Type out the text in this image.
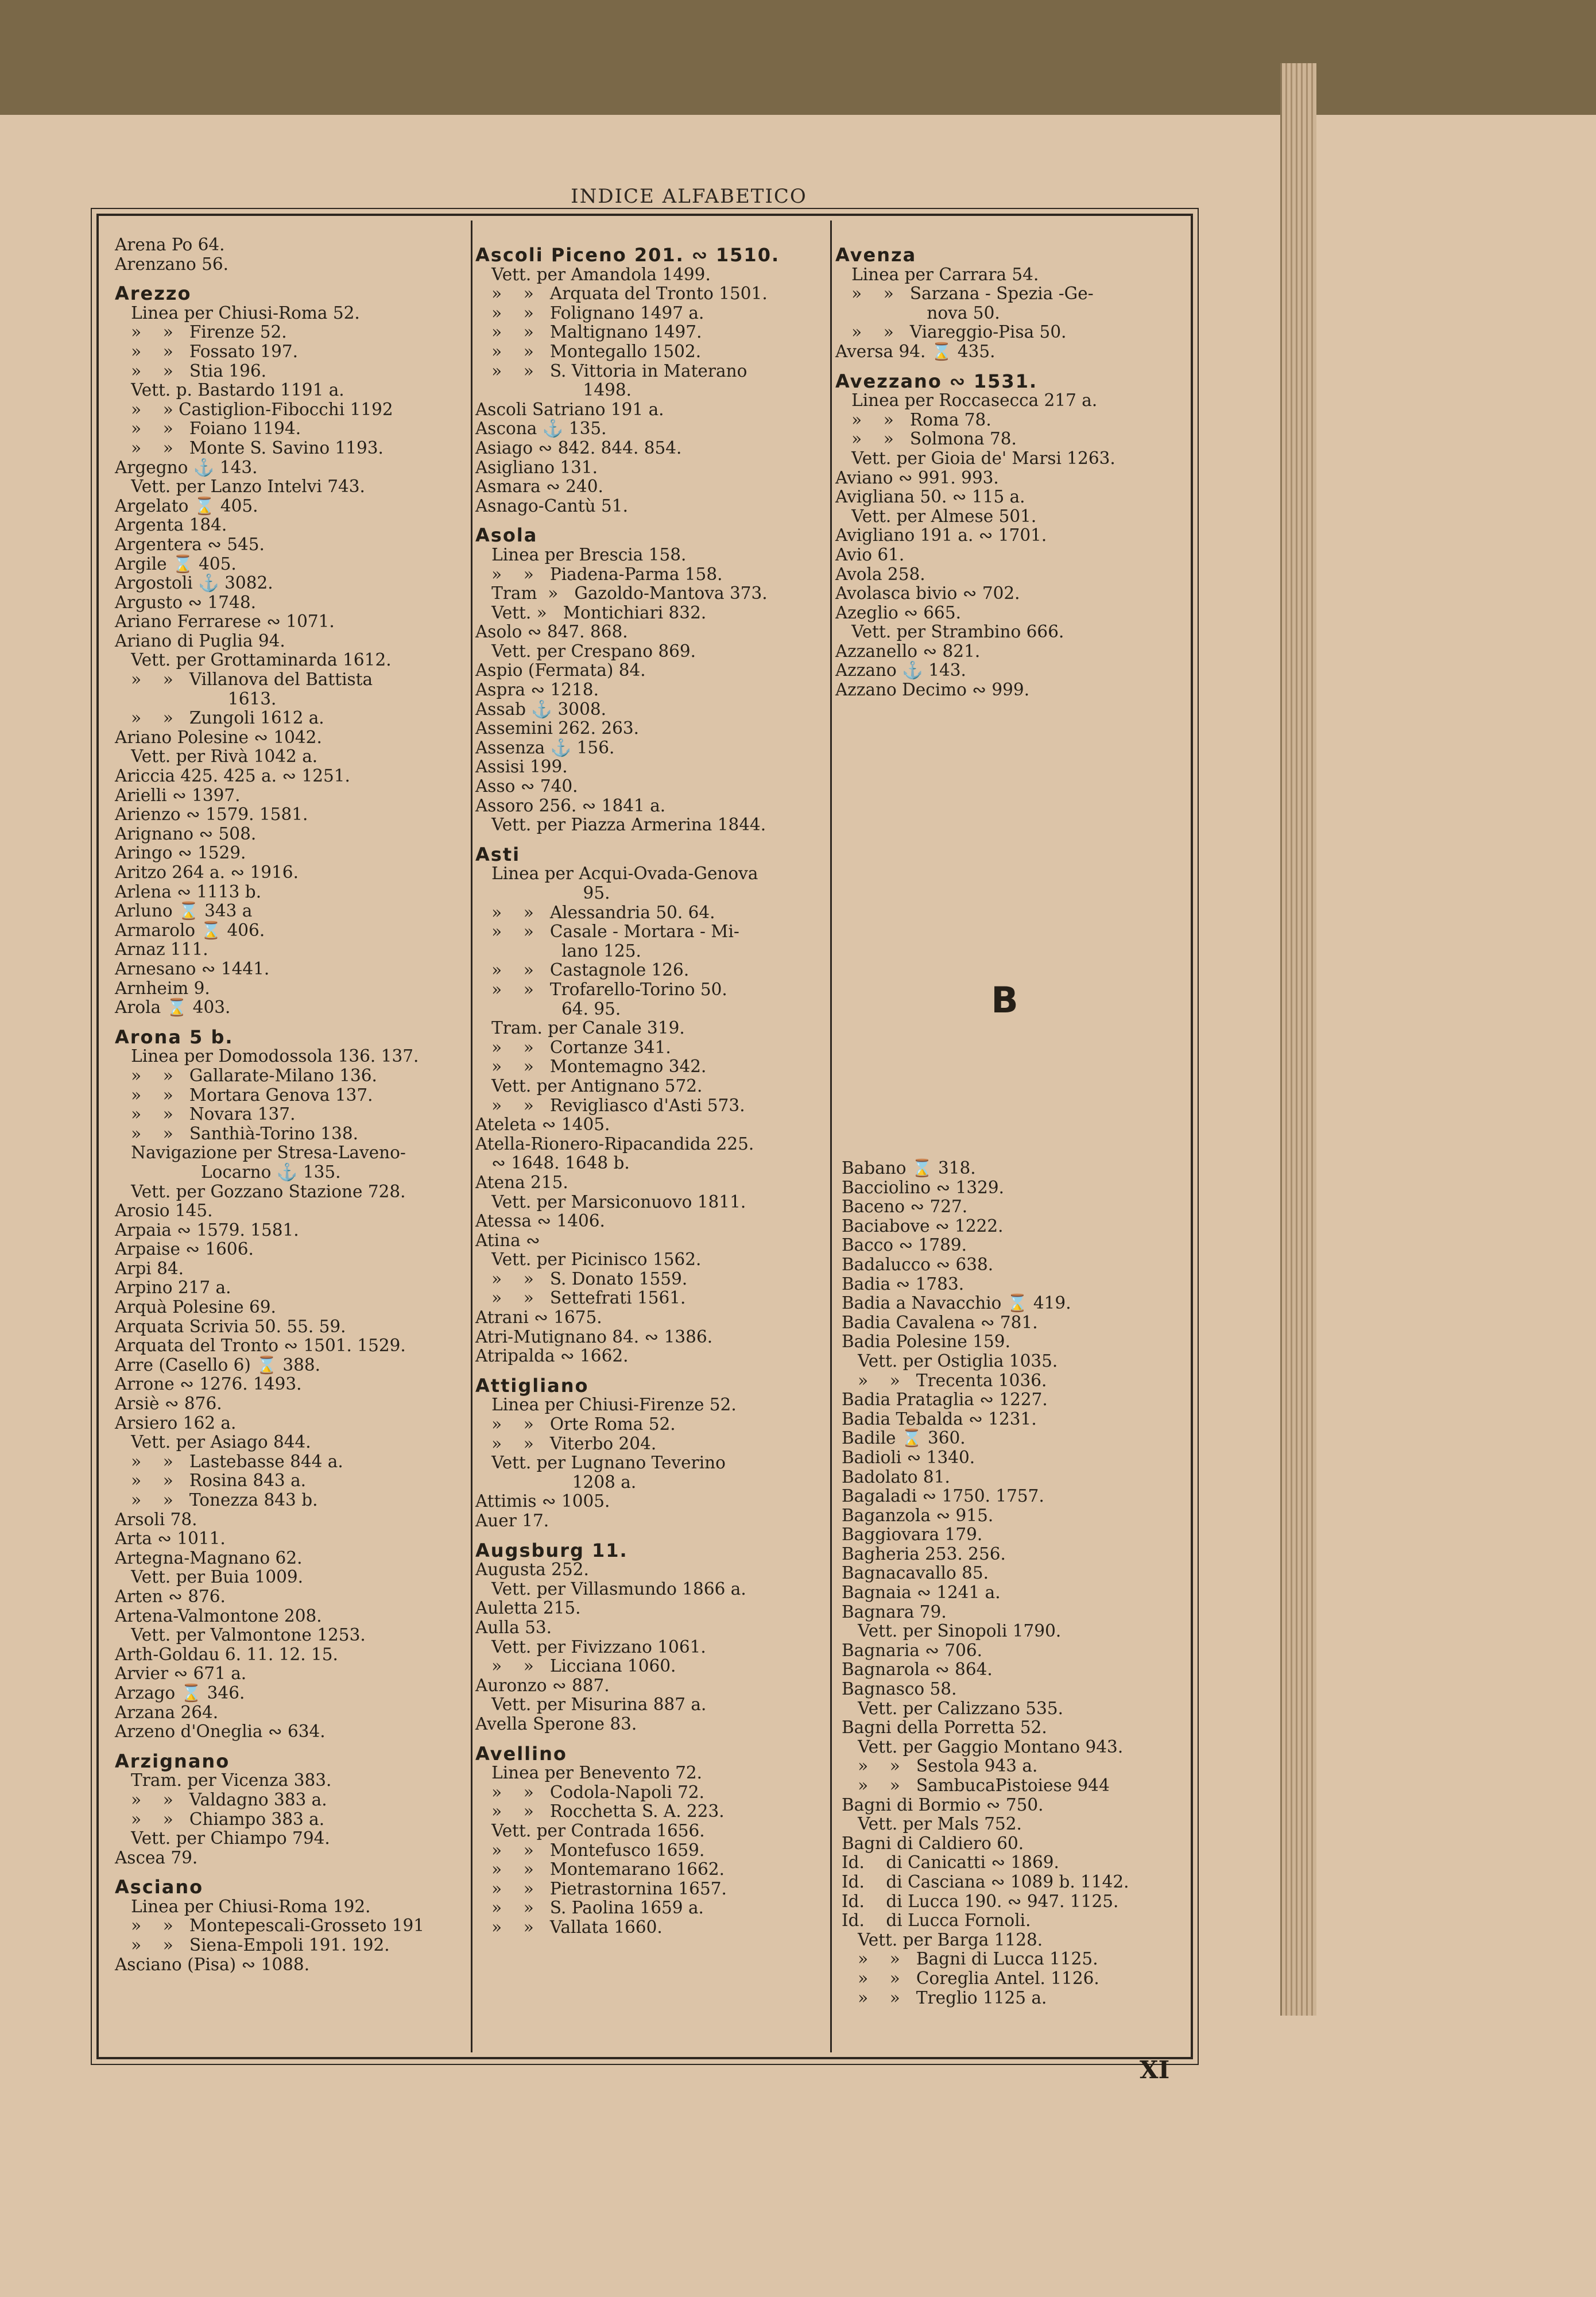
INDICE ALFABETICO
Arena Po 64.
Arenzano 56.
Arezzo
Linea per Chiusi-Roma 52.
»    »   Firenze 52.
»    »   Fossato 197.
»    »   Stia 196.
Vett. p. Bastardo 1191 a.
»    » Castiglion-Fibocchi 1192
»    »   Foiano 1194.
»    »   Monte S. Savino 1193.
Argegno ⚓ 143.
Vett. per Lanzo Intelvi 743.
Argelato ⌛ 405.
Argenta 184.
Argentera ∾ 545.
Argile ⌛ 405.
Argostoli ⚓ 3082.
Argusto ∾ 1748.
Ariano Ferrarese ∾ 1071.
Ariano di Puglia 94.
Vett. per Grottaminarda 1612.
»    »   Villanova del Battista
1613.
»    »   Zungoli 1612 a.
Ariano Polesine ∾ 1042.
Vett. per Rivà 1042 a.
Ariccia 425. 425 a. ∾ 1251.
Arielli ∾ 1397.
Arienzo ∾ 1579. 1581.
Arignano ∾ 508.
Aringo ∾ 1529.
Aritzo 264 a. ∾ 1916.
Arlena ∾ 1113 b.
Arluno ⌛ 343 a
Armarolo ⌛ 406.
Arnaz 111.
Arnesano ∾ 1441.
Arnheim 9.
Arola ⌛ 403.
Arona 5 b.
Linea per Domodossola 136. 137.
»    »   Gallarate-Milano 136.
»    »   Mortara Genova 137.
»    »   Novara 137.
»    »   Santhià-Torino 138.
Navigazione per Stresa-Laveno-
Locarno ⚓ 135.
Vett. per Gozzano Stazione 728.
Arosio 145.
Arpaia ∾ 1579. 1581.
Arpaise ∾ 1606.
Arpi 84.
Arpino 217 a.
Arquà Polesine 69.
Arquata Scrivia 50. 55. 59.
Arquata del Tronto ∾ 1501. 1529.
Arre (Casello 6) ⌛ 388.
Arrone ∾ 1276. 1493.
Arsiè ∾ 876.
Arsiero 162 a.
Vett. per Asiago 844.
»    »   Lastebasse 844 a.
»    »   Rosina 843 a.
»    »   Tonezza 843 b.
Arsoli 78.
Arta ∾ 1011.
Artegna-Magnano 62.
Vett. per Buia 1009.
Arten ∾ 876.
Artena-Valmontone 208.
Vett. per Valmontone 1253.
Arth-Goldau 6. 11. 12. 15.
Arvier ∾ 671 a.
Arzago ⌛ 346.
Arzana 264.
Arzeno d'Oneglia ∾ 634.
Arzignano
Tram. per Vicenza 383.
»    »   Valdagno 383 a.
»    »   Chiampo 383 a.
Vett. per Chiampo 794.
Ascea 79.
Asciano
Linea per Chiusi-Roma 192.
»    »   Montepescali-Grosseto 191
»    »   Siena-Empoli 191. 192.
Asciano (Pisa) ∾ 1088.
Ascoli Piceno 201. ∾ 1510.
Vett. per Amandola 1499.
»    »   Arquata del Tronto 1501.
»    »   Folignano 1497 a.
»    »   Maltignano 1497.
»    »   Montegallo 1502.
»    »   S. Vittoria in Materano
1498.
Ascoli Satriano 191 a.
Ascona ⚓ 135.
Asiago ∾ 842. 844. 854.
Asigliano 131.
Asmara ∾ 240.
Asnago-Cantù 51.
Asola
Linea per Brescia 158.
»    »   Piadena-Parma 158.
Tram  »   Gazoldo-Mantova 373.
Vett. »   Montichiari 832.
Asolo ∾ 847. 868.
Vett. per Crespano 869.
Aspio (Fermata) 84.
Aspra ∾ 1218.
Assab ⚓ 3008.
Assemini 262. 263.
Assenza ⚓ 156.
Assisi 199.
Asso ∾ 740.
Assoro 256. ∾ 1841 a.
Vett. per Piazza Armerina 1844.
Asti
Linea per Acqui-Ovada-Genova
95.
»    »   Alessandria 50. 64.
»    »   Casale - Mortara - Mi-
lano 125.
»    »   Castagnole 126.
»    »   Trofarello-Torino 50.
64. 95.
Tram. per Canale 319.
»    »   Cortanze 341.
»    »   Montemagno 342.
Vett. per Antignano 572.
»    »   Revigliasco d'Asti 573.
Ateleta ∾ 1405.
Atella-Rionero-Ripacandida 225.
∾ 1648. 1648 b.
Atena 215.
Vett. per Marsiconuovo 1811.
Atessa ∾ 1406.
Atina ∾
Vett. per Picinisco 1562.
»    »   S. Donato 1559.
»    »   Settefrati 1561.
Atrani ∾ 1675.
Atri-Mutignano 84. ∾ 1386.
Atripalda ∾ 1662.
Attigliano
Linea per Chiusi-Firenze 52.
»    »   Orte Roma 52.
»    »   Viterbo 204.
Vett. per Lugnano Teverino
1208 a.
Attimis ∾ 1005.
Auer 17.
Augsburg 11.
Augusta 252.
Vett. per Villasmundo 1866 a.
Auletta 215.
Aulla 53.
Vett. per Fivizzano 1061.
»    »   Licciana 1060.
Auronzo ∾ 887.
Vett. per Misurina 887 a.
Avella Sperone 83.
Avellino
Linea per Benevento 72.
»    »   Codola-Napoli 72.
»    »   Rocchetta S. A. 223.
Vett. per Contrada 1656.
»    »   Montefusco 1659.
»    »   Montemarano 1662.
»    »   Pietrastornina 1657.
»    »   S. Paolina 1659 a.
»    »   Vallata 1660.
Avenza
Linea per Carrara 54.
»    »   Sarzana - Spezia -Ge-
nova 50.
»    »   Viareggio-Pisa 50.
Aversa 94. ⌛ 435.
Avezzano ∾ 1531.
Linea per Roccasecca 217 a.
»    »   Roma 78.
»    »   Solmona 78.
Vett. per Gioia de' Marsi 1263.
Aviano ∾ 991. 993.
Avigliana 50. ∾ 115 a.
Vett. per Almese 501.
Avigliano 191 a. ∾ 1701.
Avio 61.
Avola 258.
Avolasca bivio ∾ 702.
Azeglio ∾ 665.
Vett. per Strambino 666.
Azzanello ∾ 821.
Azzano ⚓ 143.
Azzano Decimo ∾ 999.
B
Babano ⌛ 318.
Bacciolino ∾ 1329.
Baceno ∾ 727.
Baciabove ∾ 1222.
Bacco ∾ 1789.
Badalucco ∾ 638.
Badia ∾ 1783.
Badia a Navacchio ⌛ 419.
Badia Cavalena ∾ 781.
Badia Polesine 159.
Vett. per Ostiglia 1035.
»    »   Trecenta 1036.
Badia Prataglia ∾ 1227.
Badia Tebalda ∾ 1231.
Badile ⌛ 360.
Badioli ∾ 1340.
Badolato 81.
Bagaladi ∾ 1750. 1757.
Baganzola ∾ 915.
Baggiovara 179.
Bagheria 253. 256.
Bagnacavallo 85.
Bagnaia ∾ 1241 a.
Bagnara 79.
Vett. per Sinopoli 1790.
Bagnaria ∾ 706.
Bagnarola ∾ 864.
Bagnasco 58.
Vett. per Calizzano 535.
Bagni della Porretta 52.
Vett. per Gaggio Montano 943.
»    »   Sestola 943 a.
»    »   SambucaPistoiese 944
Bagni di Bormio ∾ 750.
Vett. per Mals 752.
Bagni di Caldiero 60.
Id.    di Canicatti ∾ 1869.
Id.    di Casciana ∾ 1089 b. 1142.
Id.    di Lucca 190. ∾ 947. 1125.
Id.    di Lucca Fornoli.
Vett. per Barga 1128.
»    »   Bagni di Lucca 1125.
»    »   Coreglia Antel. 1126.
»    »   Treglio 1125 a.
XI
